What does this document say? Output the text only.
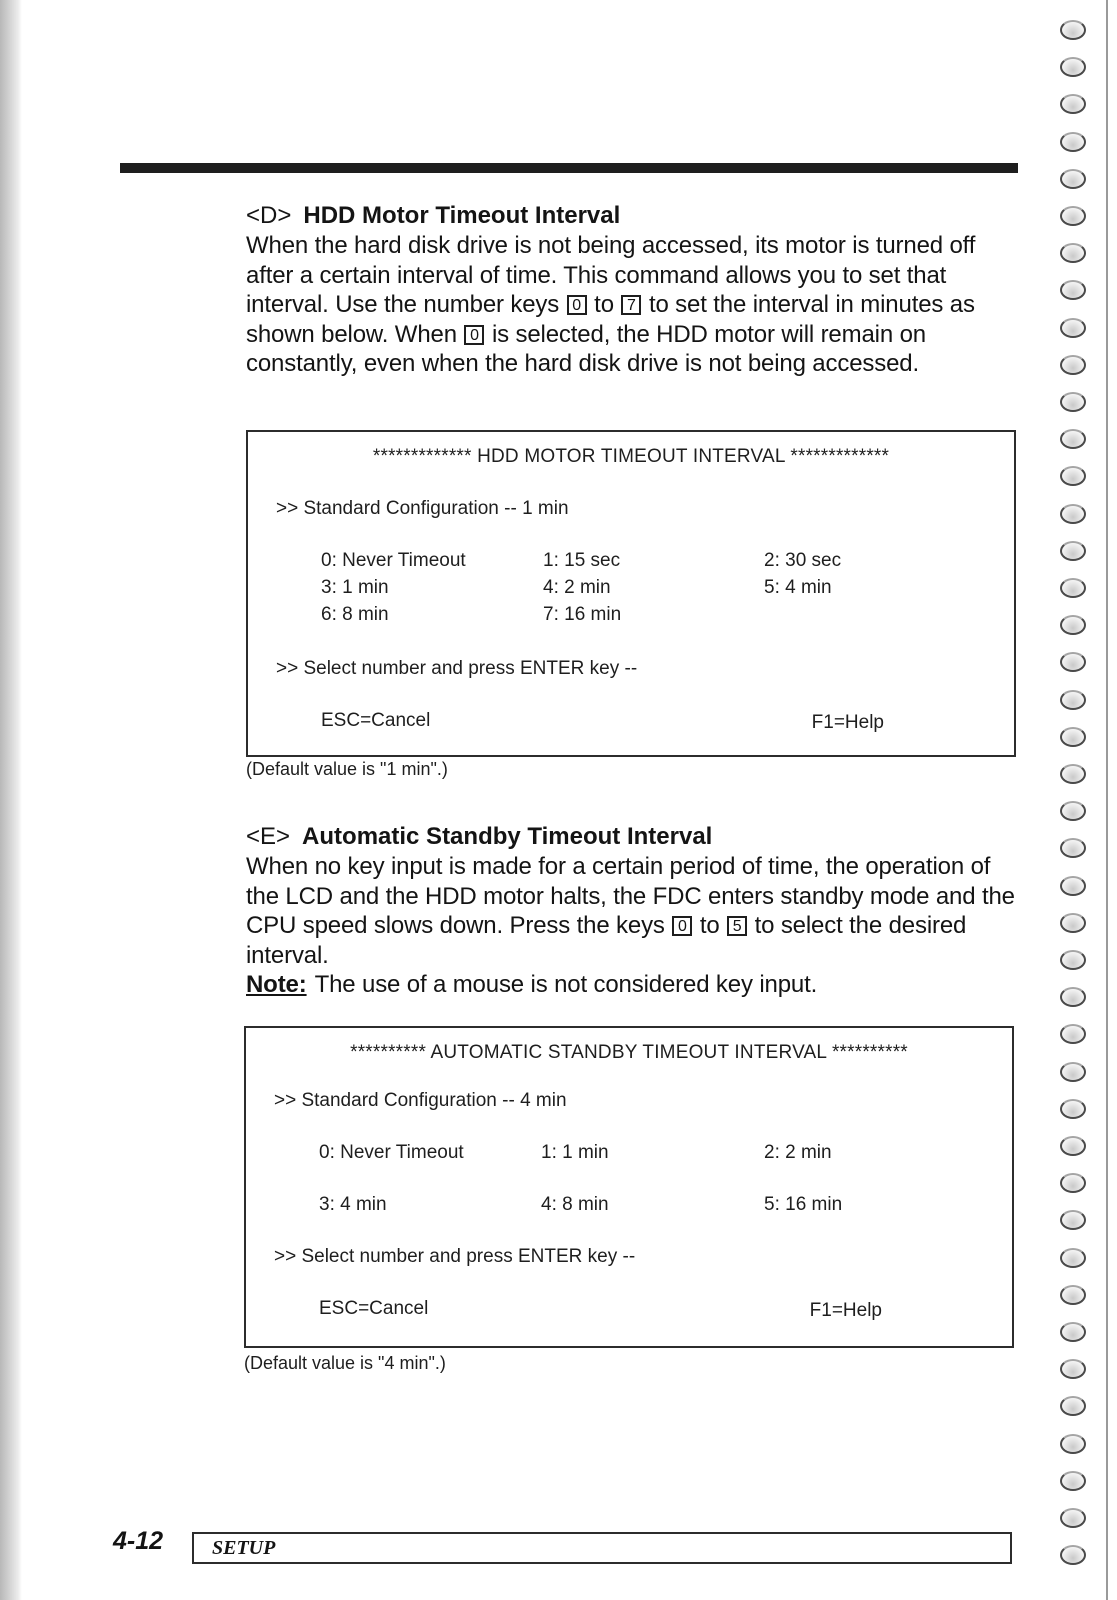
<D> HDD Motor Timeout Interval

When the hard disk drive is not being accessed, its motor is turned off after a certain interval of time. This command allows you to set that interval. Use the number keys 0 to 7 to set the interval in minutes as shown below. When 0 is selected, the HDD motor will remain on constantly, even when the hard disk drive is not being accessed.

************* HDD MOTOR TIMEOUT INTERVAL *************
>> Standard Configuration -- 1 min
0: Never Timeout	1: 15 sec	2: 30 sec
3: 1 min	4: 2 min	5: 4 min
6: 8 min	7: 16 min
>> Select number and press ENTER key --
ESC=Cancel	F1=Help
(Default value is "1 min".)

<E> Automatic Standby Timeout Interval

When no key input is made for a certain period of time, the operation of the LCD and the HDD motor halts, the FDC enters standby mode and the CPU speed slows down. Press the keys 0 to 5 to select the desired interval.

Note: The use of a mouse is not considered key input.

********** AUTOMATIC STANDBY TIMEOUT INTERVAL **********
>> Standard Configuration -- 4 min
0: Never Timeout	1: 1 min	2: 2 min
3: 4 min	4: 8 min	5: 16 min
>> Select number and press ENTER key --
ESC=Cancel	F1=Help
(Default value is "4 min".)
4-12 SETUP
